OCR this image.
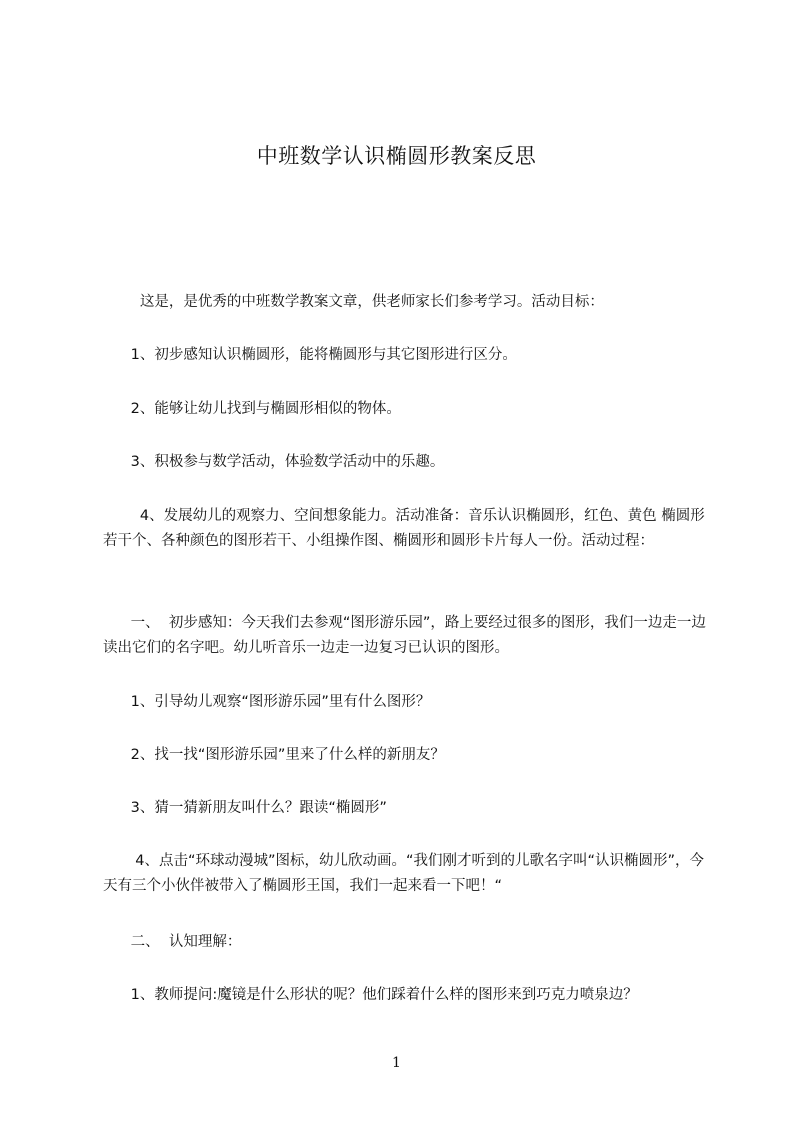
中班数学认识椭圆形教案反思
这是，是优秀的中班数学教案文章，供老师家长们参考学习。活动目标：
1、初步感知认识椭圆形，能将椭圆形与其它图形进行区分。
2、能够让幼儿找到与椭圆形相似的物体。
3、积极参与数学活动，体验数学活动中的乐趣。
4、发展幼儿的观察力、空间想象能力。活动准备：音乐认识椭圆形，红色、黄色 椭圆形若干个、各种颜色的图形若干、小组操作图、椭圆形和圆形卡片每人一份。活动过程：
一、  初步感知：今天我们去参观“图形游乐园”，路上要经过很多的图形，我们一边走一边读出它们的名字吧。幼儿听音乐一边走一边复习已认识的图形。
1、引导幼儿观察“图形游乐园”里有什么图形？
2、找一找“图形游乐园”里来了什么样的新朋友？
3、猜一猜新朋友叫什么？跟读“椭圆形”
4、点击“环球动漫城”图标，幼儿欣动画。“我们刚才听到的儿歌名字叫“认识椭圆形”，今天有三个小伙伴被带入了椭圆形王国，我们一起来看一下吧！“
二、  认知理解：
1、教师提问:魔镜是什么形状的呢？他们踩着什么样的图形来到巧克力喷泉边？
1
